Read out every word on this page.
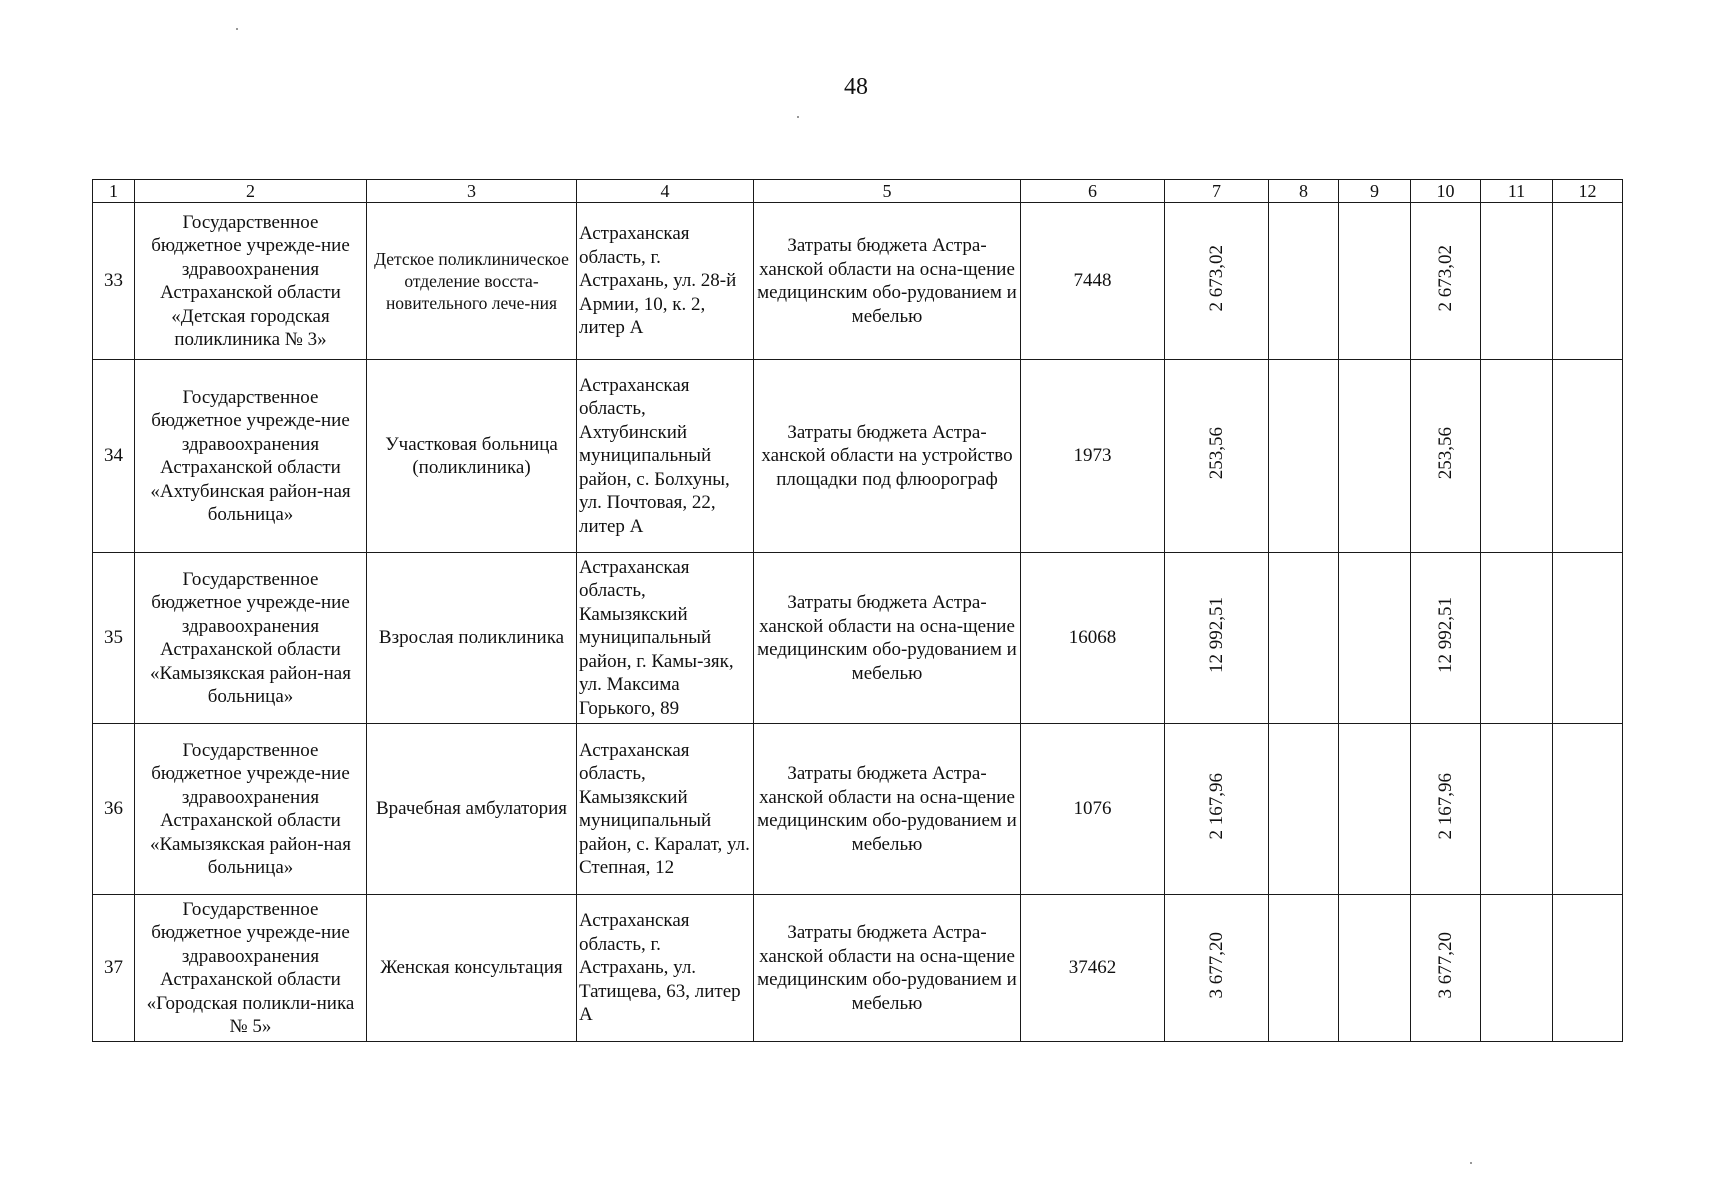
48
1	2	3	4	5	6	7	8	9	10	11	12
33	Государственное бюджетное учрежде-ние здравоохранения Астраханской области «Детская городская поликлиника № 3»	Детское поликлиническое отделение восста-новительного лече-ния	Астраханская область, г. Астрахань, ул. 28-й Армии, 10, к. 2, литер А	Затраты бюджета Астра-ханской области на осна-щение медицинским обо-рудованием и мебелью	7448	2 673,02			2 673,02		
34	Государственное бюджетное учрежде-ние здравоохранения Астраханской области «Ахтубинская район-ная больница»	Участковая больница (поликлиника)	Астраханская область, Ахтубинский муниципальный район, с. Болхуны, ул. Почтовая, 22, литер А	Затраты бюджета Астра-ханской области на устройство площадки под флюорограф	1973	253,56			253,56		
35	Государственное бюджетное учрежде-ние здравоохранения Астраханской области «Камызякская район-ная больница»	Взрослая поликлиника	Астраханская область, Камызякский муниципальный район, г. Камы-зяк, ул. Максима Горького, 89	Затраты бюджета Астра-ханской области на осна-щение медицинским обо-рудованием и мебелью	16068	12 992,51			12 992,51		
36	Государственное бюджетное учрежде-ние здравоохранения Астраханской области «Камызякская район-ная больница»	Врачебная амбулатория	Астраханская область, Камызякский муниципальный район, с. Каралат, ул. Степная, 12	Затраты бюджета Астра-ханской области на осна-щение медицинским обо-рудованием и мебелью	1076	2 167,96			2 167,96		
37	Государственное бюджетное учрежде-ние здравоохранения Астраханской области «Городская поликли-ника № 5»	Женская консультация	Астраханская область, г. Астрахань, ул. Татищева, 63, литер А	Затраты бюджета Астра-ханской области на осна-щение медицинским обо-рудованием и мебелью	37462	3 677,20			3 677,20		
